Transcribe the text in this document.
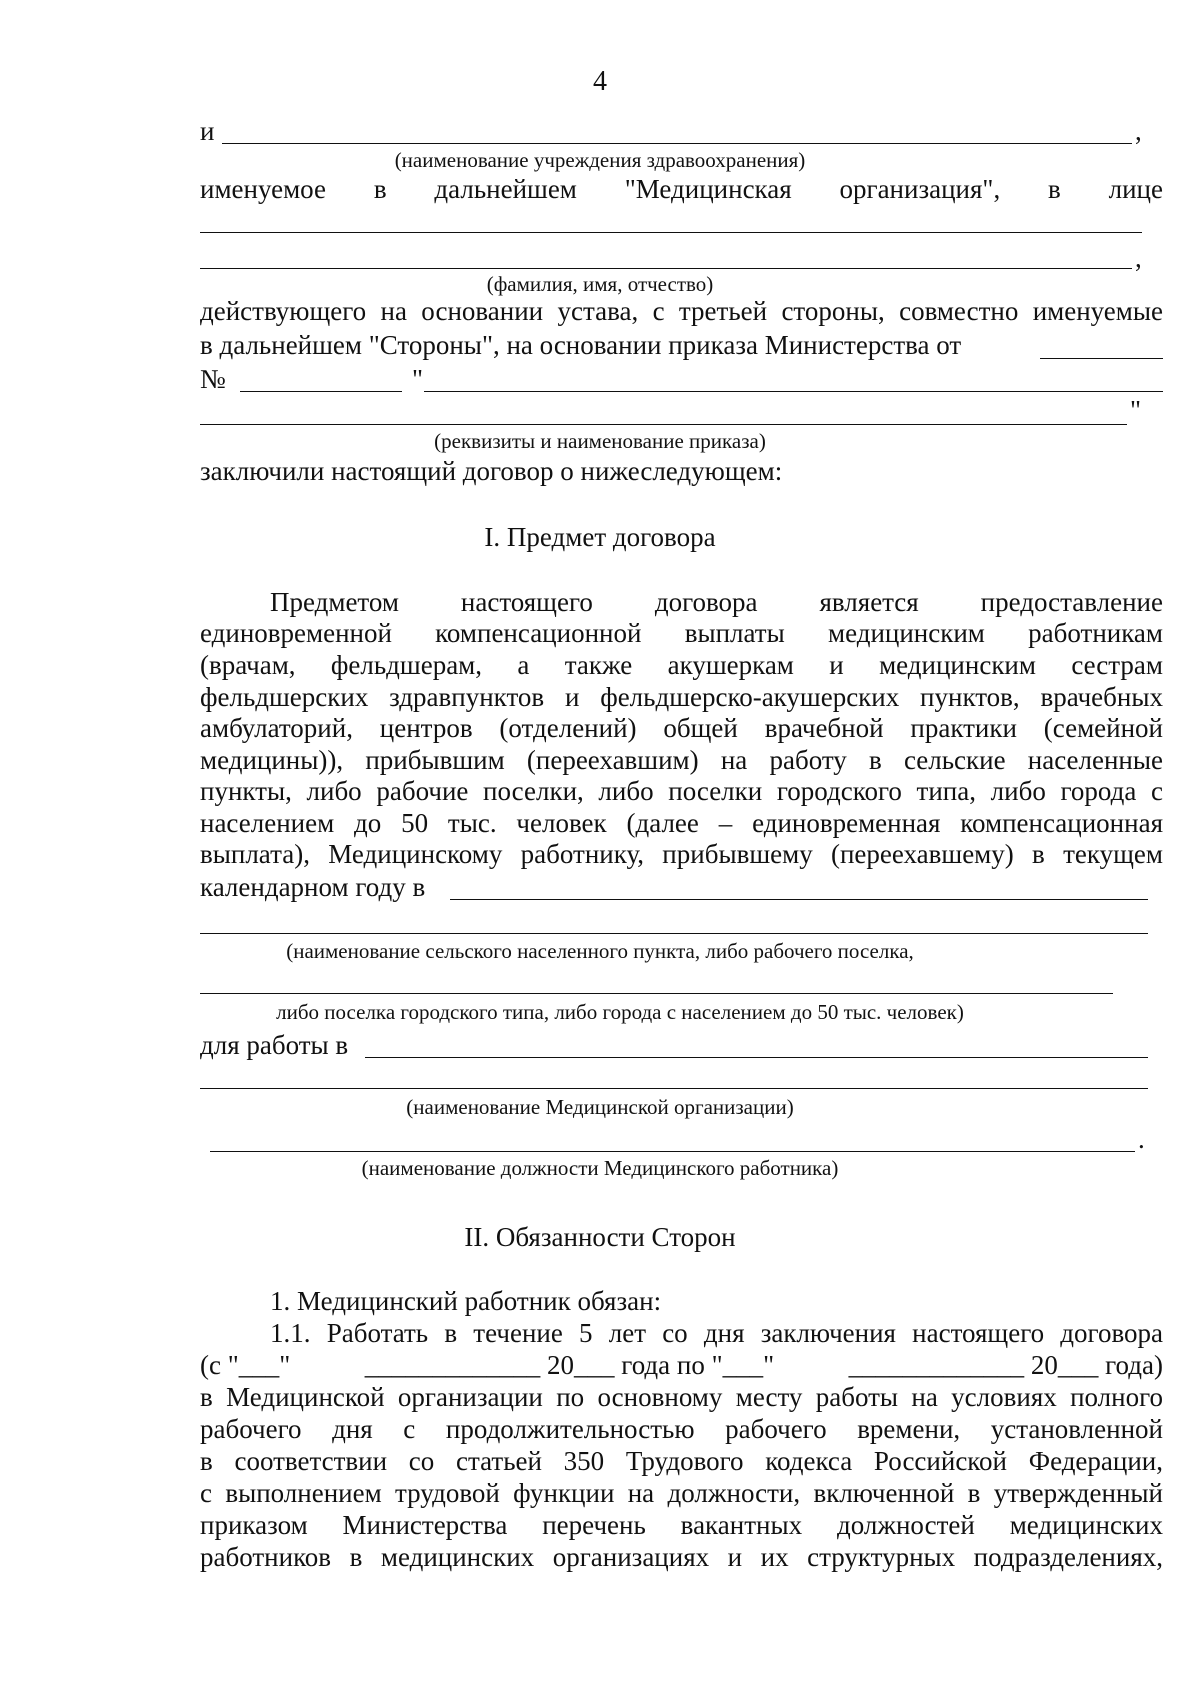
4
и	,
(наименование учреждения здравоохранения)
именуемое в дальнейшем "Медицинская организация", в лице
,
(фамилия, имя, отчество)
действующего на основании устава, с третьей стороны, совместно именуемые
в дальнейшем "Стороны", на основании приказа Министерства от
№	"
"
(реквизиты и наименование приказа)
заключили настоящий договор о нижеследующем:
I. Предмет договора
Предметом настоящего договора является предоставление
единовременной компенсационной выплаты медицинским работникам
(врачам, фельдшерам, а также акушеркам и медицинским сестрам
фельдшерских здравпунктов и фельдшерско-акушерских пунктов, врачебных
амбулаторий, центров (отделений) общей врачебной практики (семейной
медицины)), прибывшим (переехавшим) на работу в сельские населенные
пункты, либо рабочие поселки, либо поселки городского типа, либо города с
населением до 50 тыс. человек (далее – единовременная компенсационная
выплата), Медицинскому работнику, прибывшему (переехавшему) в текущем
календарном году в
(наименование сельского населенного пункта, либо рабочего поселка,
либо поселка городского типа, либо города с населением до 50 тыс. человек)
для работы в
(наименование Медицинской организации)
.
(наименование должности Медицинского работника)
II. Обязанности Сторон
1. Медицинский работник обязан:
1.1. Работать в течение 5 лет со дня заключения настоящего договора
(с "___"	_____________ 20___ года по "___"	_____________ 20___ года)
в Медицинской организации по основному месту работы на условиях полного
рабочего дня с продолжительностью рабочего времени, установленной
в соответствии со статьей 350 Трудового кодекса Российской Федерации,
с выполнением трудовой функции на должности, включенной в утвержденный
приказом Министерства перечень вакантных должностей медицинских
работников в медицинских организациях и их структурных подразделениях,
